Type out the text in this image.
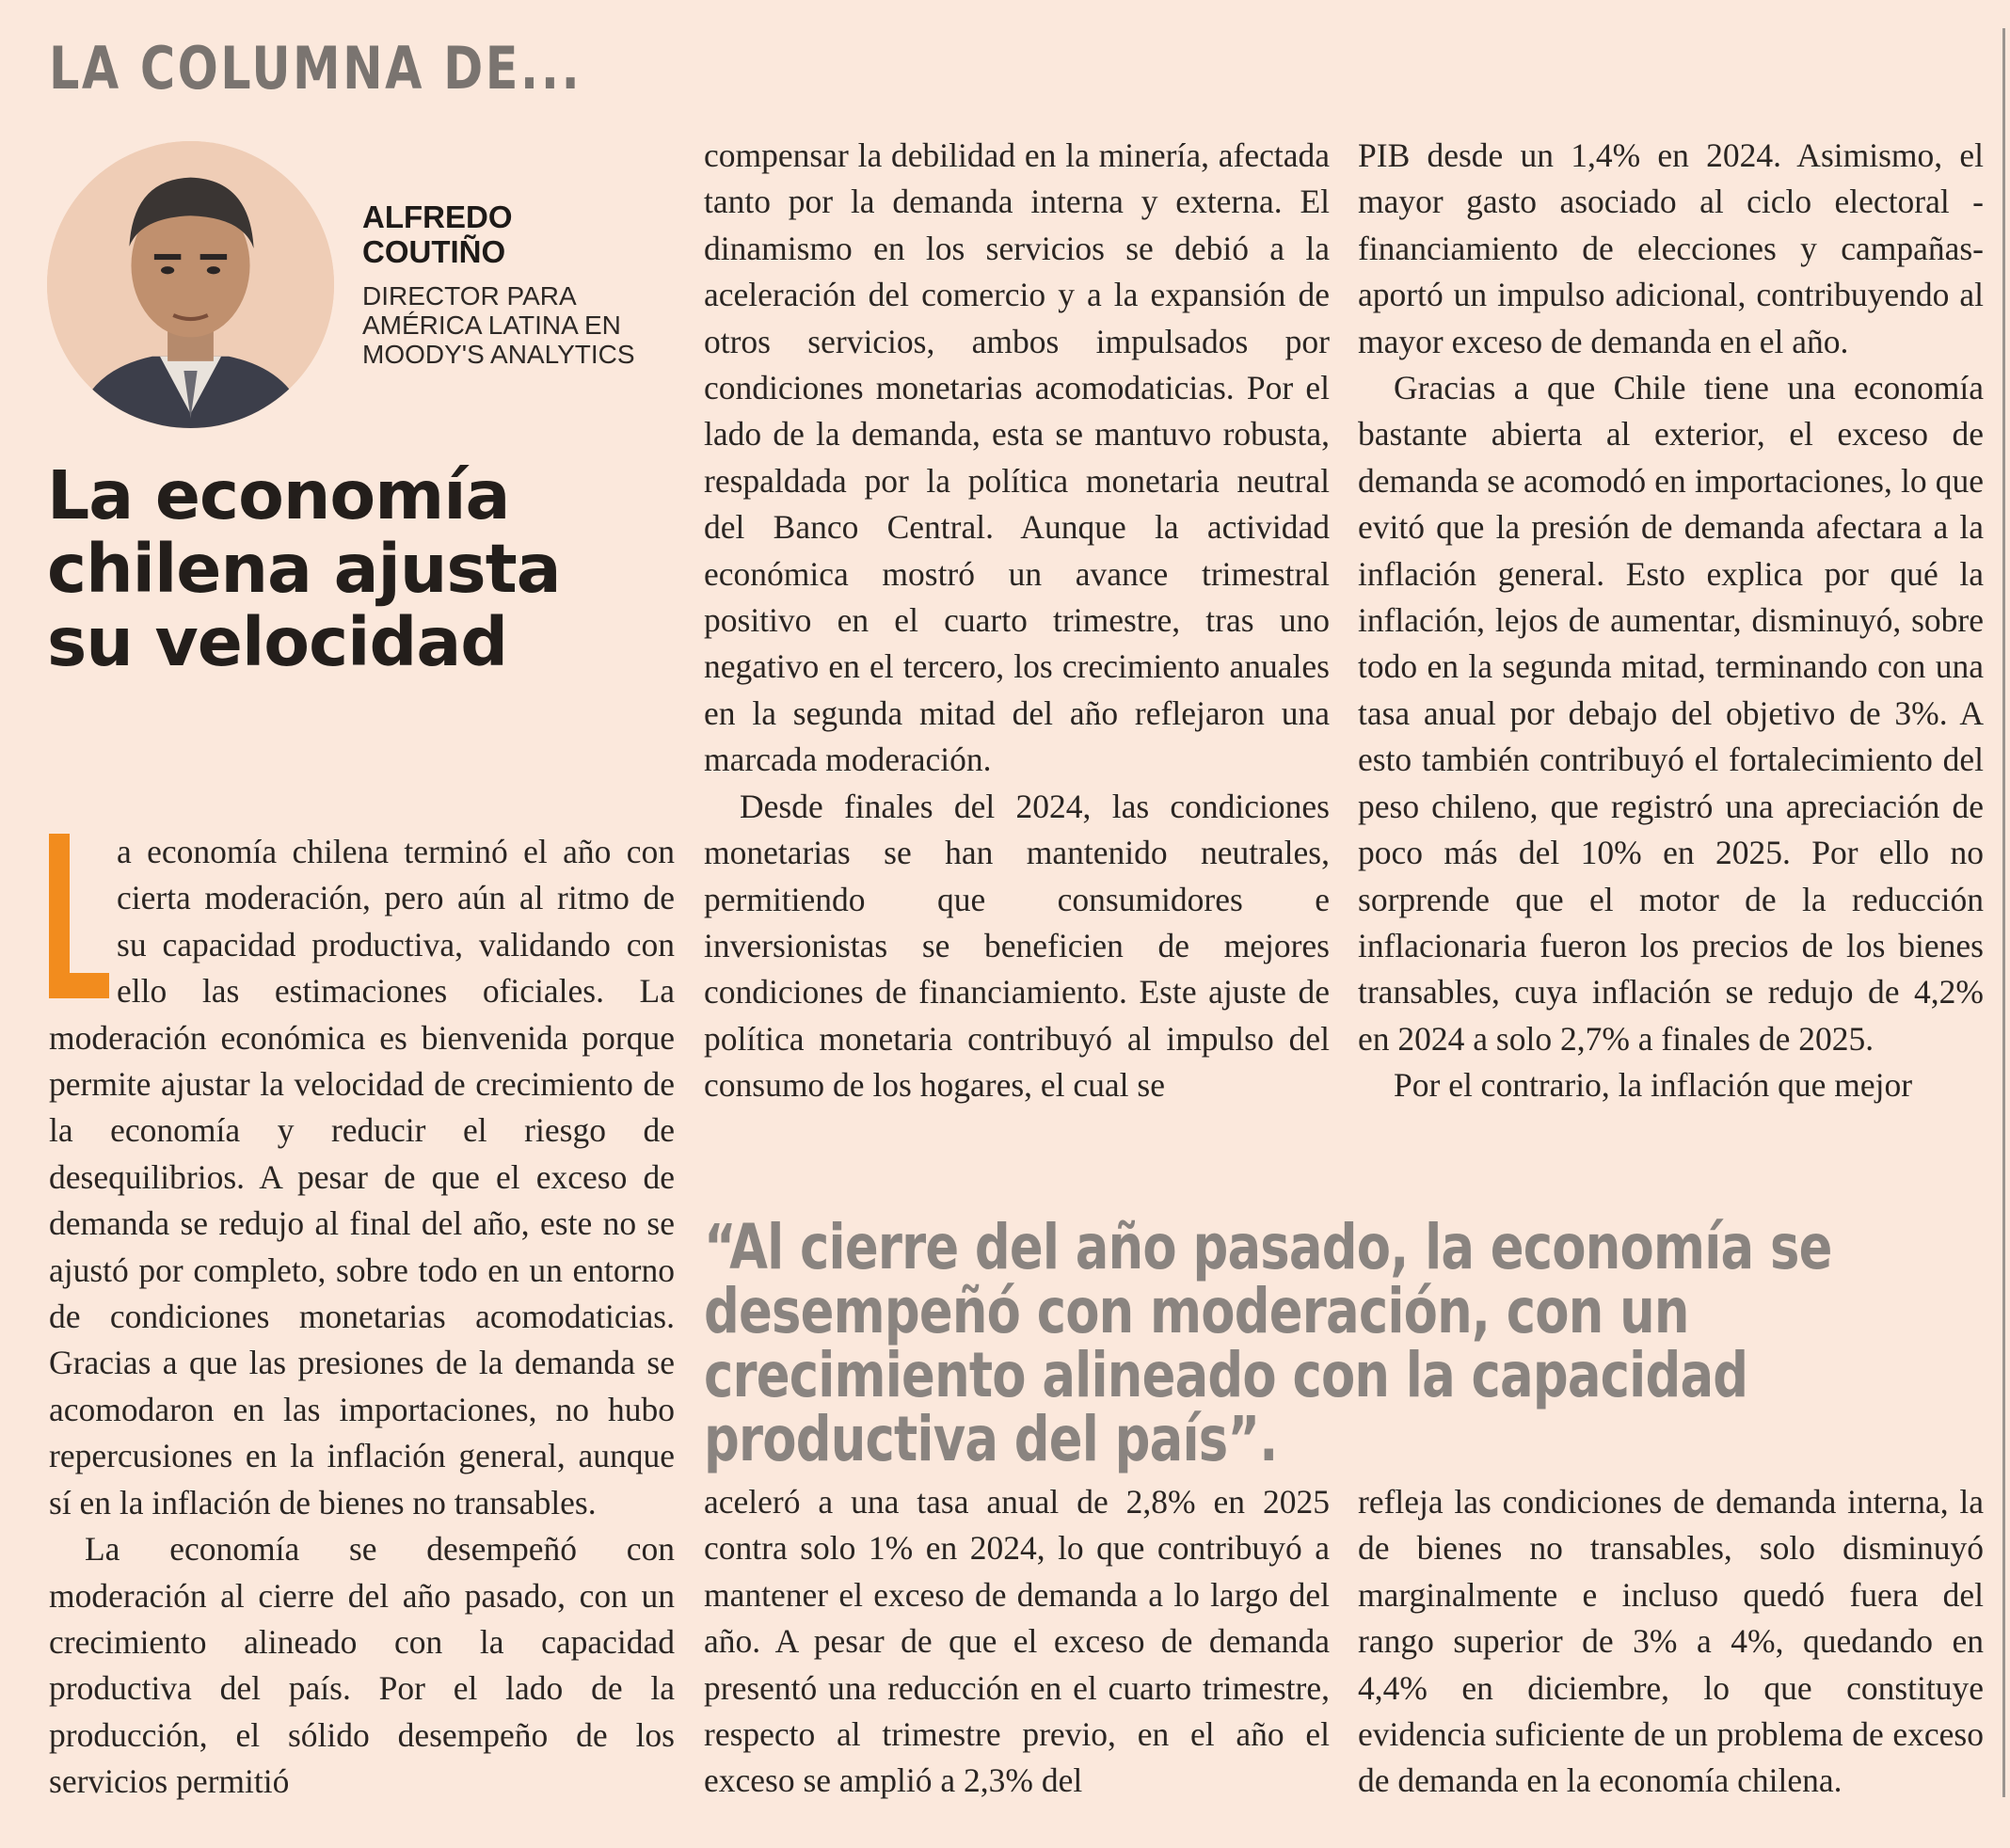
LA COLUMNA DE...
ALFREDO
COUTIÑO
DIRECTOR PARA
AMÉRICA LATINA EN
MOODY'S ANALYTICS
La economía chilena ajusta su velocidad

a economía chilena terminó el año con cierta moderación, pero aún al ritmo de su capacidad productiva, validando con ello las estimaciones oficiales. La moderación económica es bienvenida porque permite ajustar la velocidad de crecimiento de la economía y reducir el riesgo de desequilibrios. A pesar de que el exceso de demanda se redujo al final del año, este no se ajustó por completo, sobre todo en un entorno de condiciones monetarias acomodaticias. Gracias a que las presiones de la demanda se acomodaron en las importaciones, no hubo repercusiones en la inflación general, aunque sí en la inflación de bienes no transables.

La economía se desempeñó con moderación al cierre del año pasado, con un crecimiento alineado con la capacidad productiva del país. Por el lado de la producción, el sólido desempeño de los servicios permitió

compensar la debilidad en la minería, afectada tanto por la demanda interna y externa. El dinamismo en los servicios se debió a la aceleración del comercio y a la expansión de otros servicios, ambos impulsados por condiciones monetarias acomodaticias. Por el lado de la demanda, esta se mantuvo robusta, respaldada por la política monetaria neutral del Banco Central. Aunque la actividad económica mostró un avance trimestral positivo en el cuarto trimestre, tras uno negativo en el tercero, los crecimiento anuales en la segunda mitad del año reflejaron una marcada moderación.

Desde finales del 2024, las condiciones monetarias se han mantenido neutrales, permitiendo que consumidores e inversionistas se beneficien de mejores condiciones de financiamiento. Este ajuste de política monetaria contribuyó al impulso del consumo de los hogares, el cual se

PIB desde un 1,4% en 2024. Asimismo, el mayor gasto asociado al ciclo electoral -financiamiento de elecciones y campañas- aportó un impulso adicional, contribuyendo al mayor exceso de demanda en el año.

Gracias a que Chile tiene una economía bastante abierta al exterior, el exceso de demanda se acomodó en importaciones, lo que evitó que la presión de demanda afectara a la inflación general. Esto explica por qué la inflación, lejos de aumentar, disminuyó, sobre todo en la segunda mitad, terminando con una tasa anual por debajo del objetivo de 3%. A esto también contribuyó el fortalecimiento del peso chileno, que registró una apreciación de poco más del 10% en 2025. Por ello no sorprende que el motor de la reducción inflacionaria fueron los precios de los bienes transables, cuya inflación se redujo de 4,2% en 2024 a solo 2,7% a finales de 2025.

Por el contrario, la inflación que mejor

“Al cierre del año pasado, la economía se desempeñó con moderación, con un crecimiento alineado con la capacidad productiva del país”.

aceleró a una tasa anual de 2,8% en 2025 contra solo 1% en 2024, lo que contribuyó a mantener el exceso de demanda a lo largo del año. A pesar de que el exceso de demanda presentó una reducción en el cuarto trimestre, respecto al trimestre previo, en el año el exceso se amplió a 2,3% del

refleja las condiciones de demanda interna, la de bienes no transables, solo disminuyó marginalmente e incluso quedó fuera del rango superior de 3% a 4%, quedando en 4,4% en diciembre, lo que constituye evidencia suficiente de un problema de exceso de demanda en la economía chilena.
